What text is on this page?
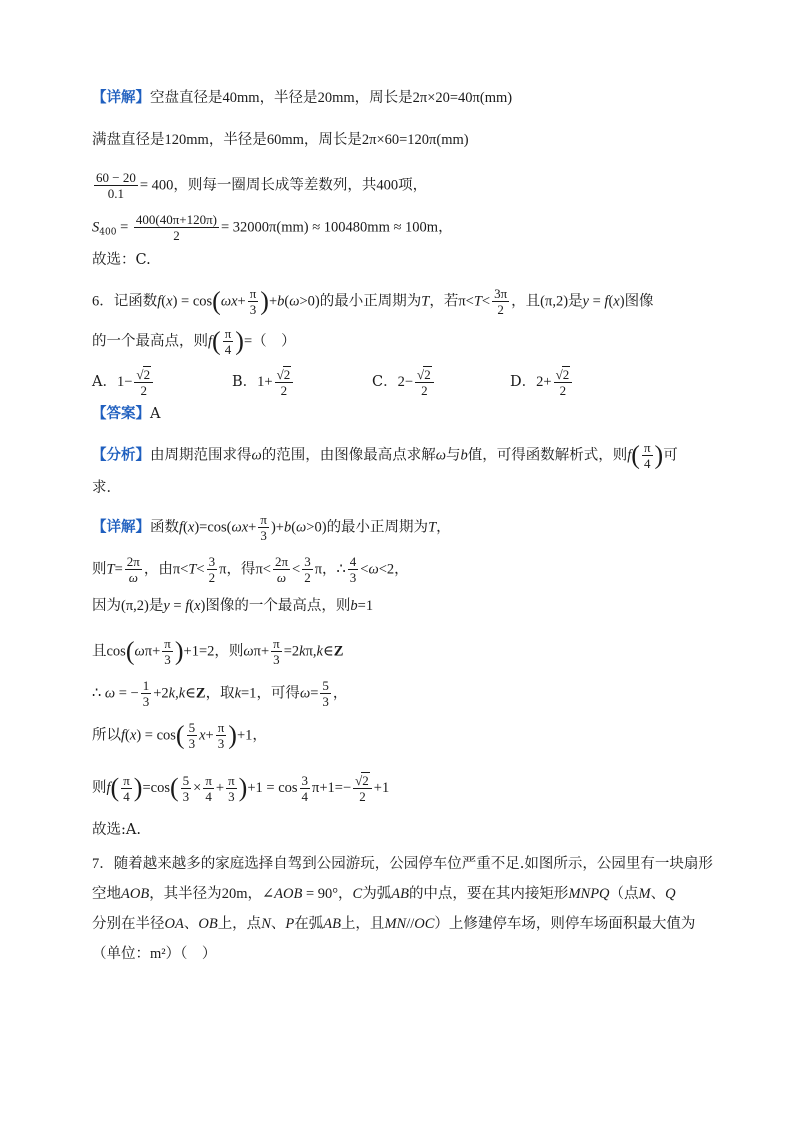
【详解】空盘直径是40mm，半径是20mm，周长是2π×20=40π(mm)
满盘直径是120mm，半径是60mm，周长是2π×60=120π(mm)
$\frac{60 - 20}{0.1} = 400$，则每一圈周长成等差数列，共400项，
$S_{400} = \frac{400(40\pi+120\pi)}{2} = 32000\pi(mm) \approx 100480mm \approx 100m$，
故选：C.
6．记函数$f(x) = \cos(\omega x+ \frac{\pi}{3} )+b(\omega>0)$的最小正周期为T，若$\pi<T< \frac{3\pi}{2}$ ，且(π,2)是y = f(x)图像
的一个最高点，则$f( \frac{\pi}{4}$ )=（　）
A．$1- \frac{√2}{2}$	B．$1+ \frac{√2}{2}$	C．$2- \frac{√2}{2}$	D．$2+ \frac{√2}{2}$
【答案】A
【分析】由周期范围求得ω的范围，由图像最高点求解ω与b值，可得函数解析式，则$f( \frac{\pi}{4}$ )可
求．
【详解】函数$f(x)=\cos(\omega x+ \frac{\pi}{3} )+b(\omega>0)$的最小正周期为T，
则$T= \frac{2\pi}{\omega}$ ，由$\pi<T< \frac{3}{2}$ π，得$\pi< \frac{2\pi}{\omega} < \frac{3}{2}$ π，∴ $\frac{4}{3} <\omega<2$，
因为(π,2)是y = f(x)图像的一个最高点，则b=1
且$\cos(\omega\pi+ \frac{\pi}{3} )+1=2$，则$\omega\pi+ \frac{\pi}{3}$ =2kπ,k∈Z
∴ ω = − $\frac{1}{3}$ +2k,k∈Z，取k=1，可得$\omega= \frac{5}{3}$ ，
所以$f(x) = \cos( \frac{5}{3} x+ \frac{\pi}{3} )+1$，
则$f( \frac{\pi}{4} )=\cos( \frac{5}{3} \times \frac{\pi}{4} + \frac{\pi}{3} )+1 = \cos \frac{3}{4} \pi+1=- \frac{√2}{2} +1$
故选:A.
7．随着越来越多的家庭选择自驾到公园游玩，公园停车位严重不足.如图所示，公园里有一块扇形
空地AOB，其半径为20m，∠AOB = 90°，C为弧AB的中点，要在其内接矩形MNPQ（点M、Q
分别在半径OA、OB上，点N、P在弧AB上，且MN//OC）上修建停车场，则停车场面积最大值为
（单位：m²）（　）
